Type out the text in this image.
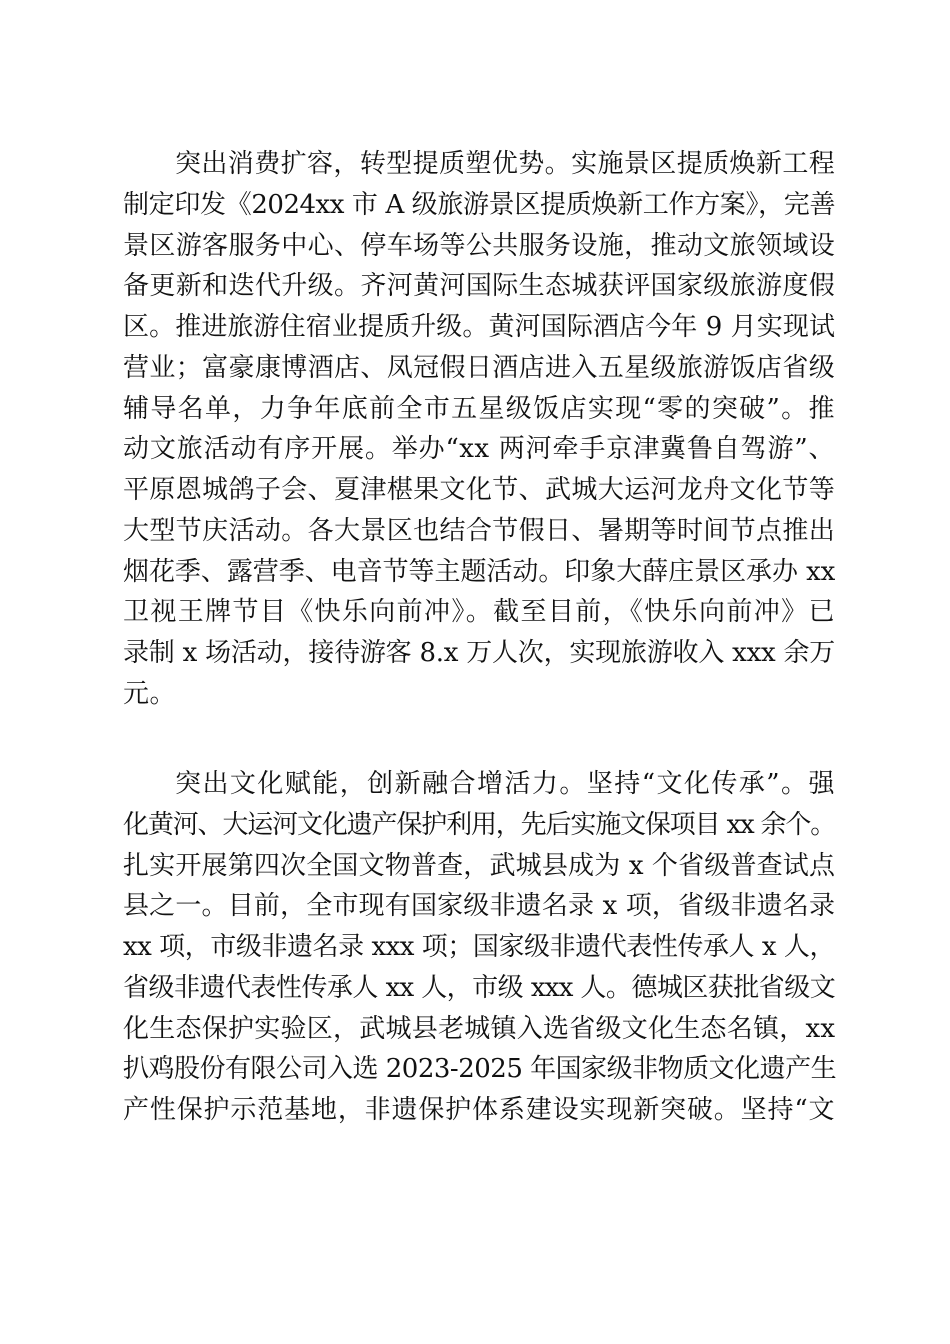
突出消费扩容，转型提质塑优势。实施景区提质焕新工程
制定印发《2024xx 市 A 级旅游景区提质焕新工作方案》，完善
景区游客服务中心、停车场等公共服务设施，推动文旅领域设
备更新和迭代升级。齐河黄河国际生态城获评国家级旅游度假
区。推进旅游住宿业提质升级。黄河国际酒店今年 9 月实现试
营业；富豪康博酒店、凤冠假日酒店进入五星级旅游饭店省级
辅导名单，力争年底前全市五星级饭店实现“零的突破”。推
动文旅活动有序开展。举办“xx 两河牵手京津冀鲁自驾游”、
平原恩城鸽子会、夏津椹果文化节、武城大运河龙舟文化节等
大型节庆活动。各大景区也结合节假日、暑期等时间节点推出
烟花季、露营季、电音节等主题活动。印象大薛庄景区承办 xx
卫视王牌节目《快乐向前冲》。截至目前，《快乐向前冲》已
录制 x 场活动，接待游客 8.x 万人次，实现旅游收入 xxx 余万
元。
突出文化赋能，创新融合增活力。坚持“文化传承”。强
化黄河、大运河文化遗产保护利用，先后实施文保项目 xx 余个。
扎实开展第四次全国文物普查，武城县成为 x 个省级普查试点
县之一。目前，全市现有国家级非遗名录 x 项，省级非遗名录
xx 项，市级非遗名录 xxx 项；国家级非遗代表性传承人 x 人，
省级非遗代表性传承人 xx 人，市级 xxx 人。德城区获批省级文
化生态保护实验区，武城县老城镇入选省级文化生态名镇，xx
扒鸡股份有限公司入选 2023-2025 年国家级非物质文化遗产生
产性保护示范基地，非遗保护体系建设实现新突破。坚持“文
